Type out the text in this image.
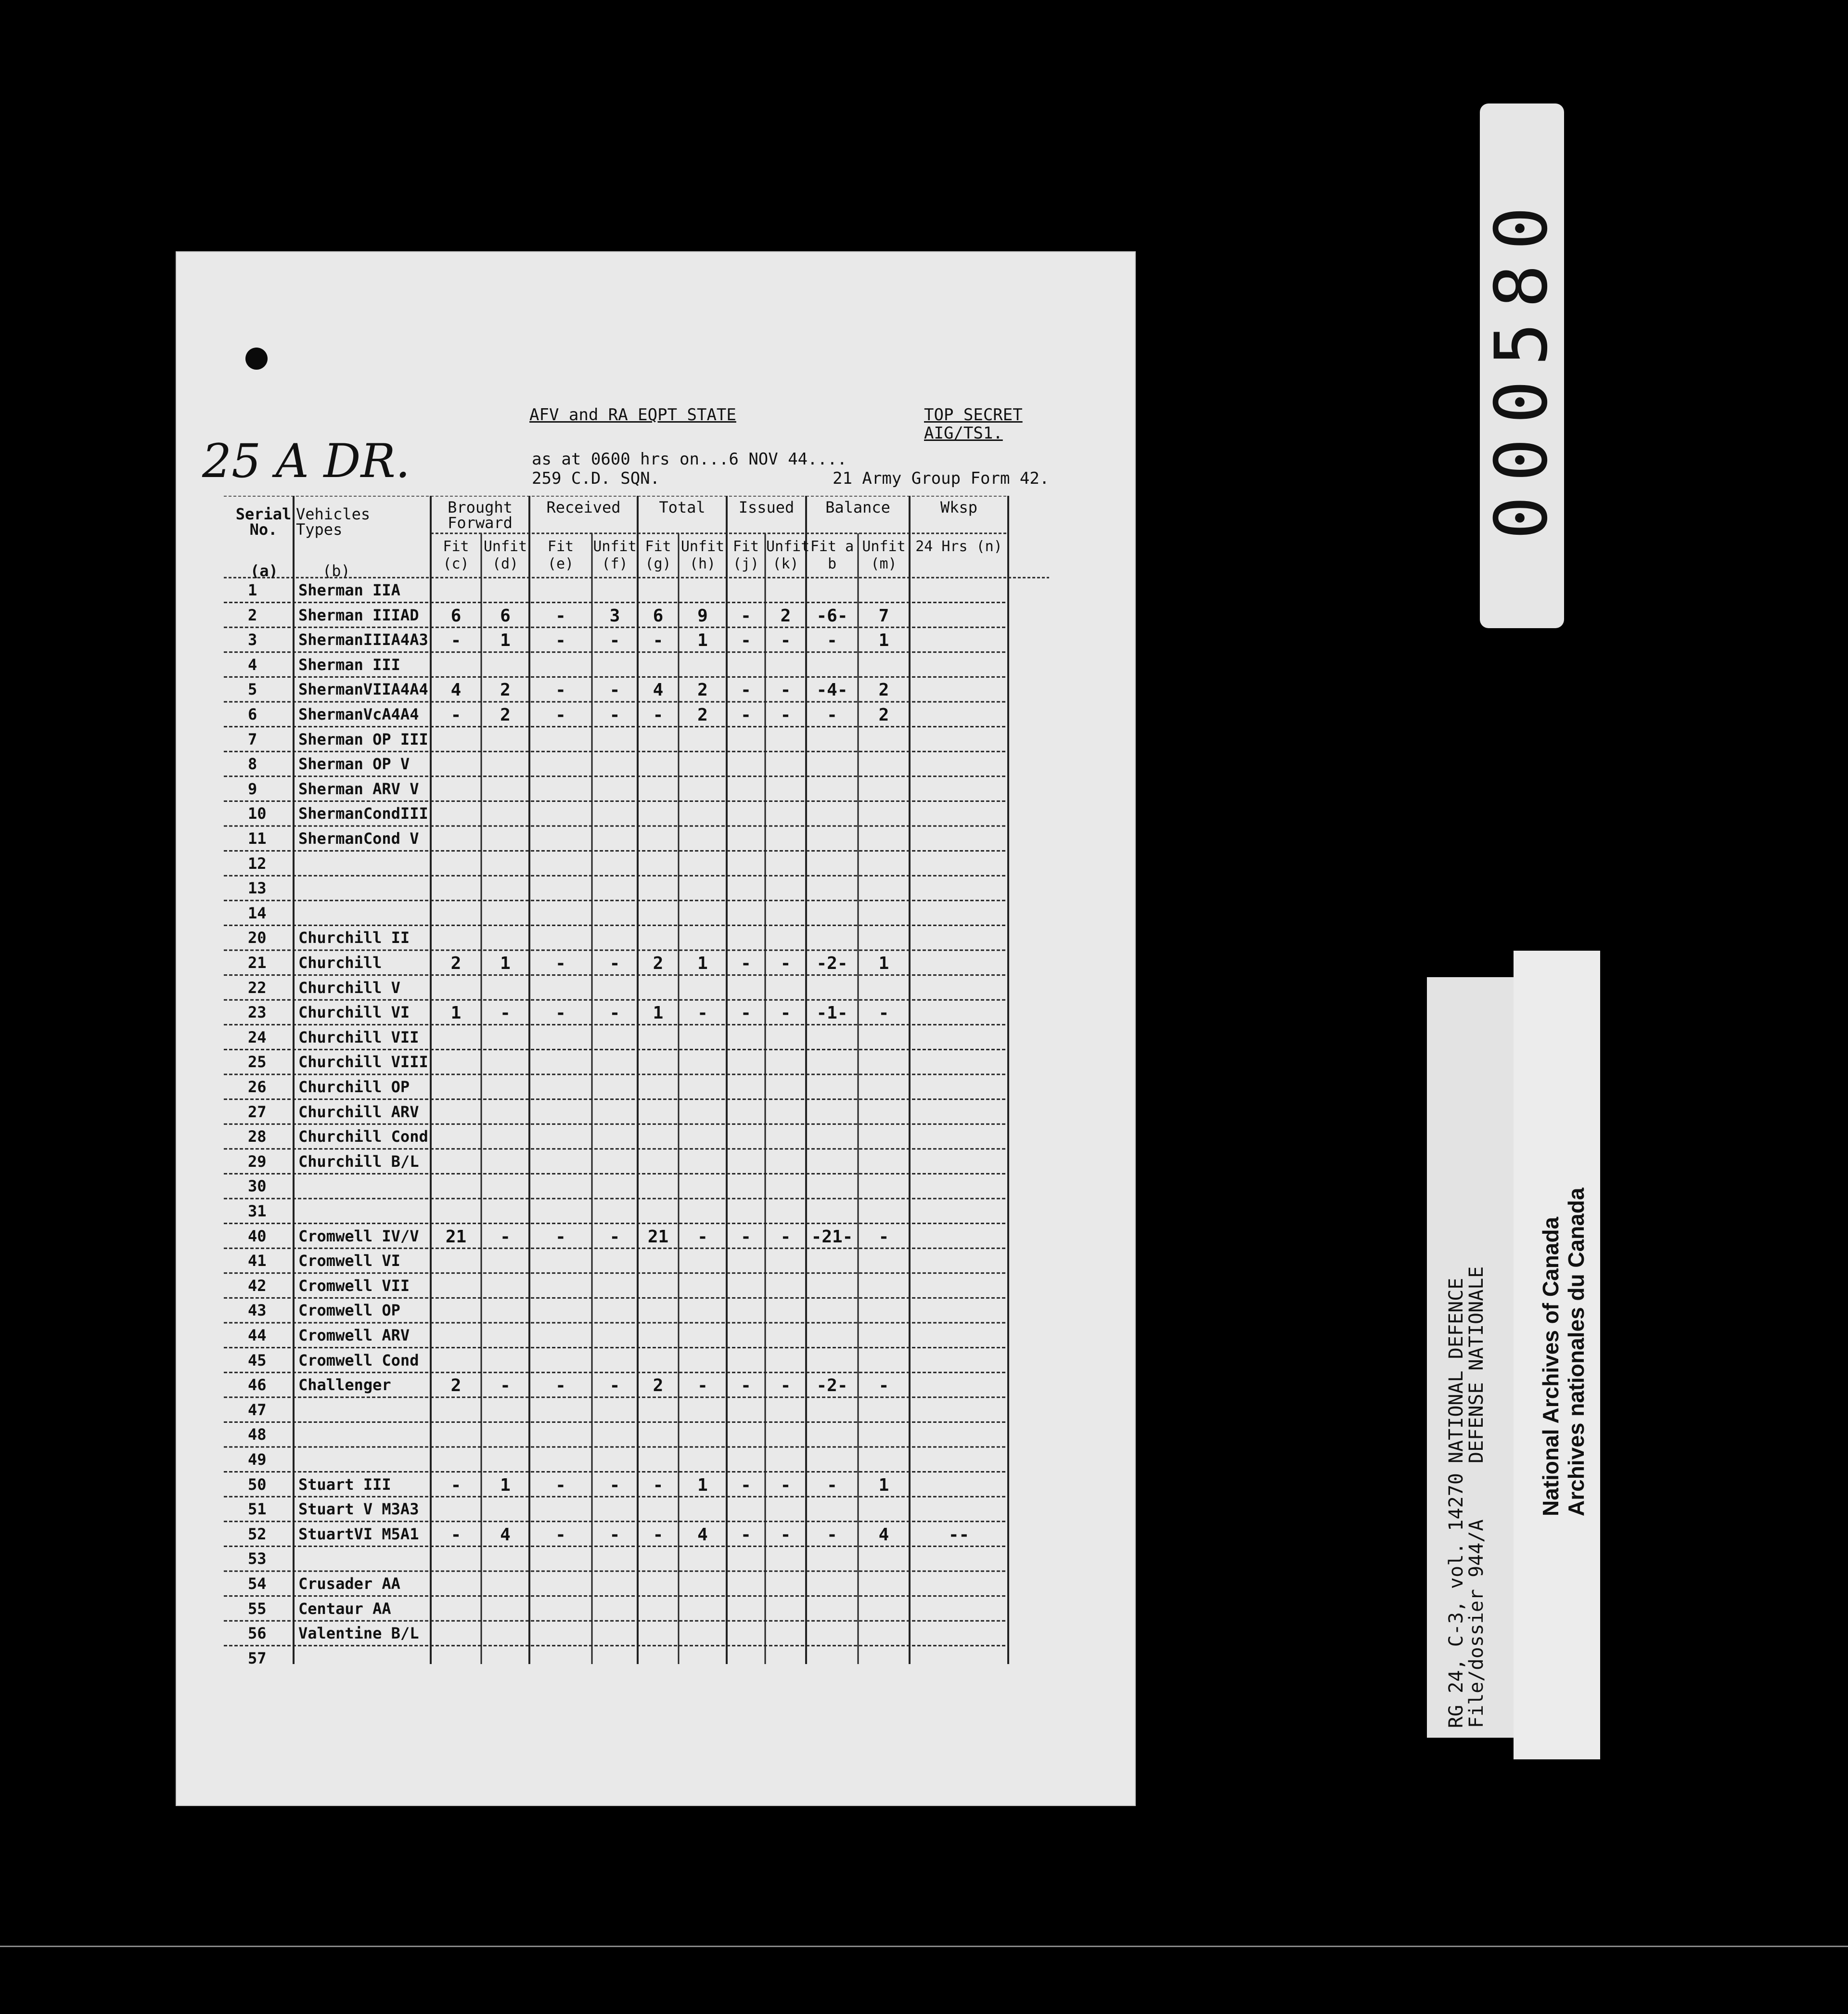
25 A DR.
AFV and RA EQPT STATE	TOP SECRET
AIG/TS1.
as at 0600 hrs on...6 NOV 44....
259 C.D. SQN.	21 Army Group Form 42.
Serial No.
(a)
Vehicles Types
(b)
Brought Forward
Received	Total	Issued	Balance	Wksp
Fit (c)
Unfit (d)
Fit (e)
Unfit (f)
Fit (g)
Unfit (h)
Fit (j)
Unfit (k)
Fit a b
Unfit (m)
24 Hrs (n)
1	Sherman IIA
2	Sherman IIIAD	6	6	-	3	6	9	-	2	-6-	7
3	ShermanIIIA4A3	-	1	-	-	-	1	-	-	-	1
4	Sherman III
5	ShermanVIIA4A4	4	2	-	-	4	2	-	-	-4-	2
6	ShermanVcA4A4	-	2	-	-	-	2	-	-	-	2
7	Sherman OP III
8	Sherman OP V
9	Sherman ARV V
10 ShermanCondIII
11 ShermanCond V
12
13
14
20 Churchill II
21 Churchill	2	1	-	-	2	1	-	-	-2-	1
22 Churchill V
23 Churchill VI	1	-	-	-	1	-	-	-	-1-	-
24 Churchill VII
25 Churchill VIII
26 Churchill OP
27 Churchill ARV
28 Churchill Cond
29 Churchill B/L
30
31
40 Cromwell IV/V	21	-	-	-	21	-	-	-	-21-	-
41 Cromwell VI
42 Cromwell VII
43 Cromwell OP
44 Cromwell ARV
45 Cromwell Cond
46 Challenger	2	-	-	-	2	-	-	-	-2-	-
47
48
49
50 Stuart III	-	1	-	-	-	1	-	-	-	1
51 Stuart V M3A3
52 StuartVI M5A1	-	4	-	-	-	4	-	-	-	4	--
53
54 Crusader AA
55 Centaur AA
56 Valentine B/L
57
000580
RG 24, C-3, vol. 14270
File/dossier 944/A
NATIONAL DEFENCE
DEFENSE NATIONALE National Archives of Canada Archives nationales du Canada
